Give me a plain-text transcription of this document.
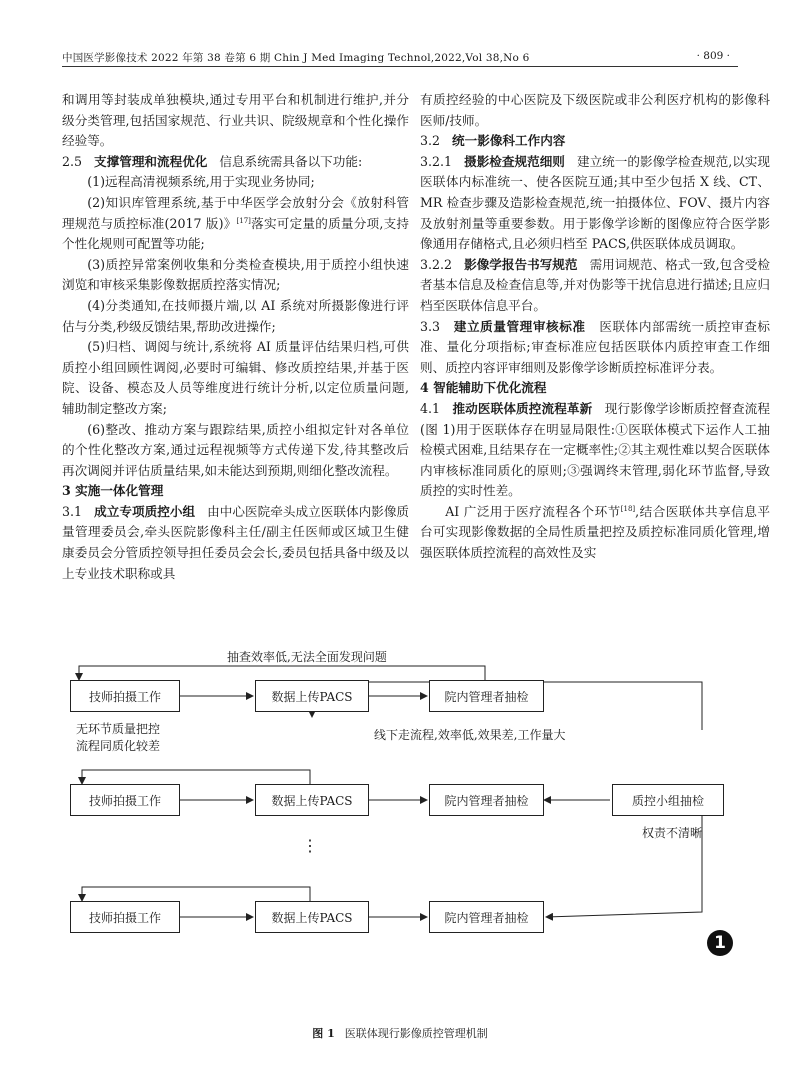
中国医学影像技术 2022 年第 38 卷第 6 期 Chin J Med Imaging Technol,2022,Vol 38,No 6	· 809 ·

和调用等封装成单独模块,通过专用平台和机制进行维护,并分级分类管理,包括国家规范、行业共识、院级规章和个性化操作经验等。

2.5 支撑管理和流程优化 信息系统需具备以下功能:

(1)远程高清视频系统,用于实现业务协同;

(2)知识库管理系统,基于中华医学会放射分会《放射科管理规范与质控标准(2017 版)》[17]落实可定量的质量分项,支持个性化规则可配置等功能;

(3)质控异常案例收集和分类检查模块,用于质控小组快速浏览和审核采集影像数据质控落实情况;

(4)分类通知,在技师摄片端,以 AI 系统对所摄影像进行评估与分类,秒级反馈结果,帮助改进操作;

(5)归档、调阅与统计,系统将 AI 质量评估结果归档,可供质控小组回顾性调阅,必要时可编辑、修改质控结果,并基于医院、设备、模态及人员等维度进行统计分析,以定位质量问题,辅助制定整改方案;

(6)整改、推动方案与跟踪结果,质控小组拟定针对各单位的个性化整改方案,通过远程视频等方式传递下发,待其整改后再次调阅并评估质量结果,如未能达到预期,则细化整改流程。

3 实施一体化管理

3.1 成立专项质控小组 由中心医院牵头成立医联体内影像质量管理委员会,牵头医院影像科主任/副主任医师或区域卫生健康委员会分管质控领导担任委员会会长,委员包括具备中级及以上专业技术职称或具

有质控经验的中心医院及下级医院或非公利医疗机构的影像科医师/技师。

3.2 统一影像科工作内容

3.2.1 摄影检查规范细则 建立统一的影像学检查规范,以实现医联体内标准统一、使各医院互通;其中至少包括 X 线、CT、MR 检查步骤及造影检查规范,统一拍摄体位、FOV、摄片内容及放射剂量等重要参数。用于影像学诊断的图像应符合医学影像通用存储格式,且必须归档至 PACS,供医联体成员调取。

3.2.2 影像学报告书写规范 需用词规范、格式一致,包含受检者基本信息及检查信息等,并对伪影等干扰信息进行描述;且应归档至医联体信息平台。

3.3 建立质量管理审核标准 医联体内部需统一质控审查标准、量化分项指标;审查标准应包括医联体内质控审查工作细则、质控内容评审细则及影像学诊断质控标准评分表。

4 智能辅助下优化流程

4.1 推动医联体质控流程革新 现行影像学诊断质控督查流程(图 1)用于医联体存在明显局限性:①医联体模式下运作人工抽检模式困难,且结果存在一定概率性;②其主观性难以契合医联体内审核标准同质化的原则;③强调终末管理,弱化环节监督,导致质控的实时性差。

AI 广泛用于医疗流程各个环节[18],结合医联体共享信息平台可实现影像数据的全局性质量把控及质控标准同质化管理,增强医联体质控流程的高效性及实

技师拍摄工作	数据上传PACS	院内管理者抽检
技师拍摄工作	数据上传PACS	院内管理者抽检
技师拍摄工作	数据上传PACS	院内管理者抽检
质控小组抽检
抽查效率低,无法全面发现问题
无环节质量把控
流程同质化较差
线下走流程,效率低,效果差,工作量大
权责不清晰
⋮
1
图 1 医联体现行影像质控管理机制
